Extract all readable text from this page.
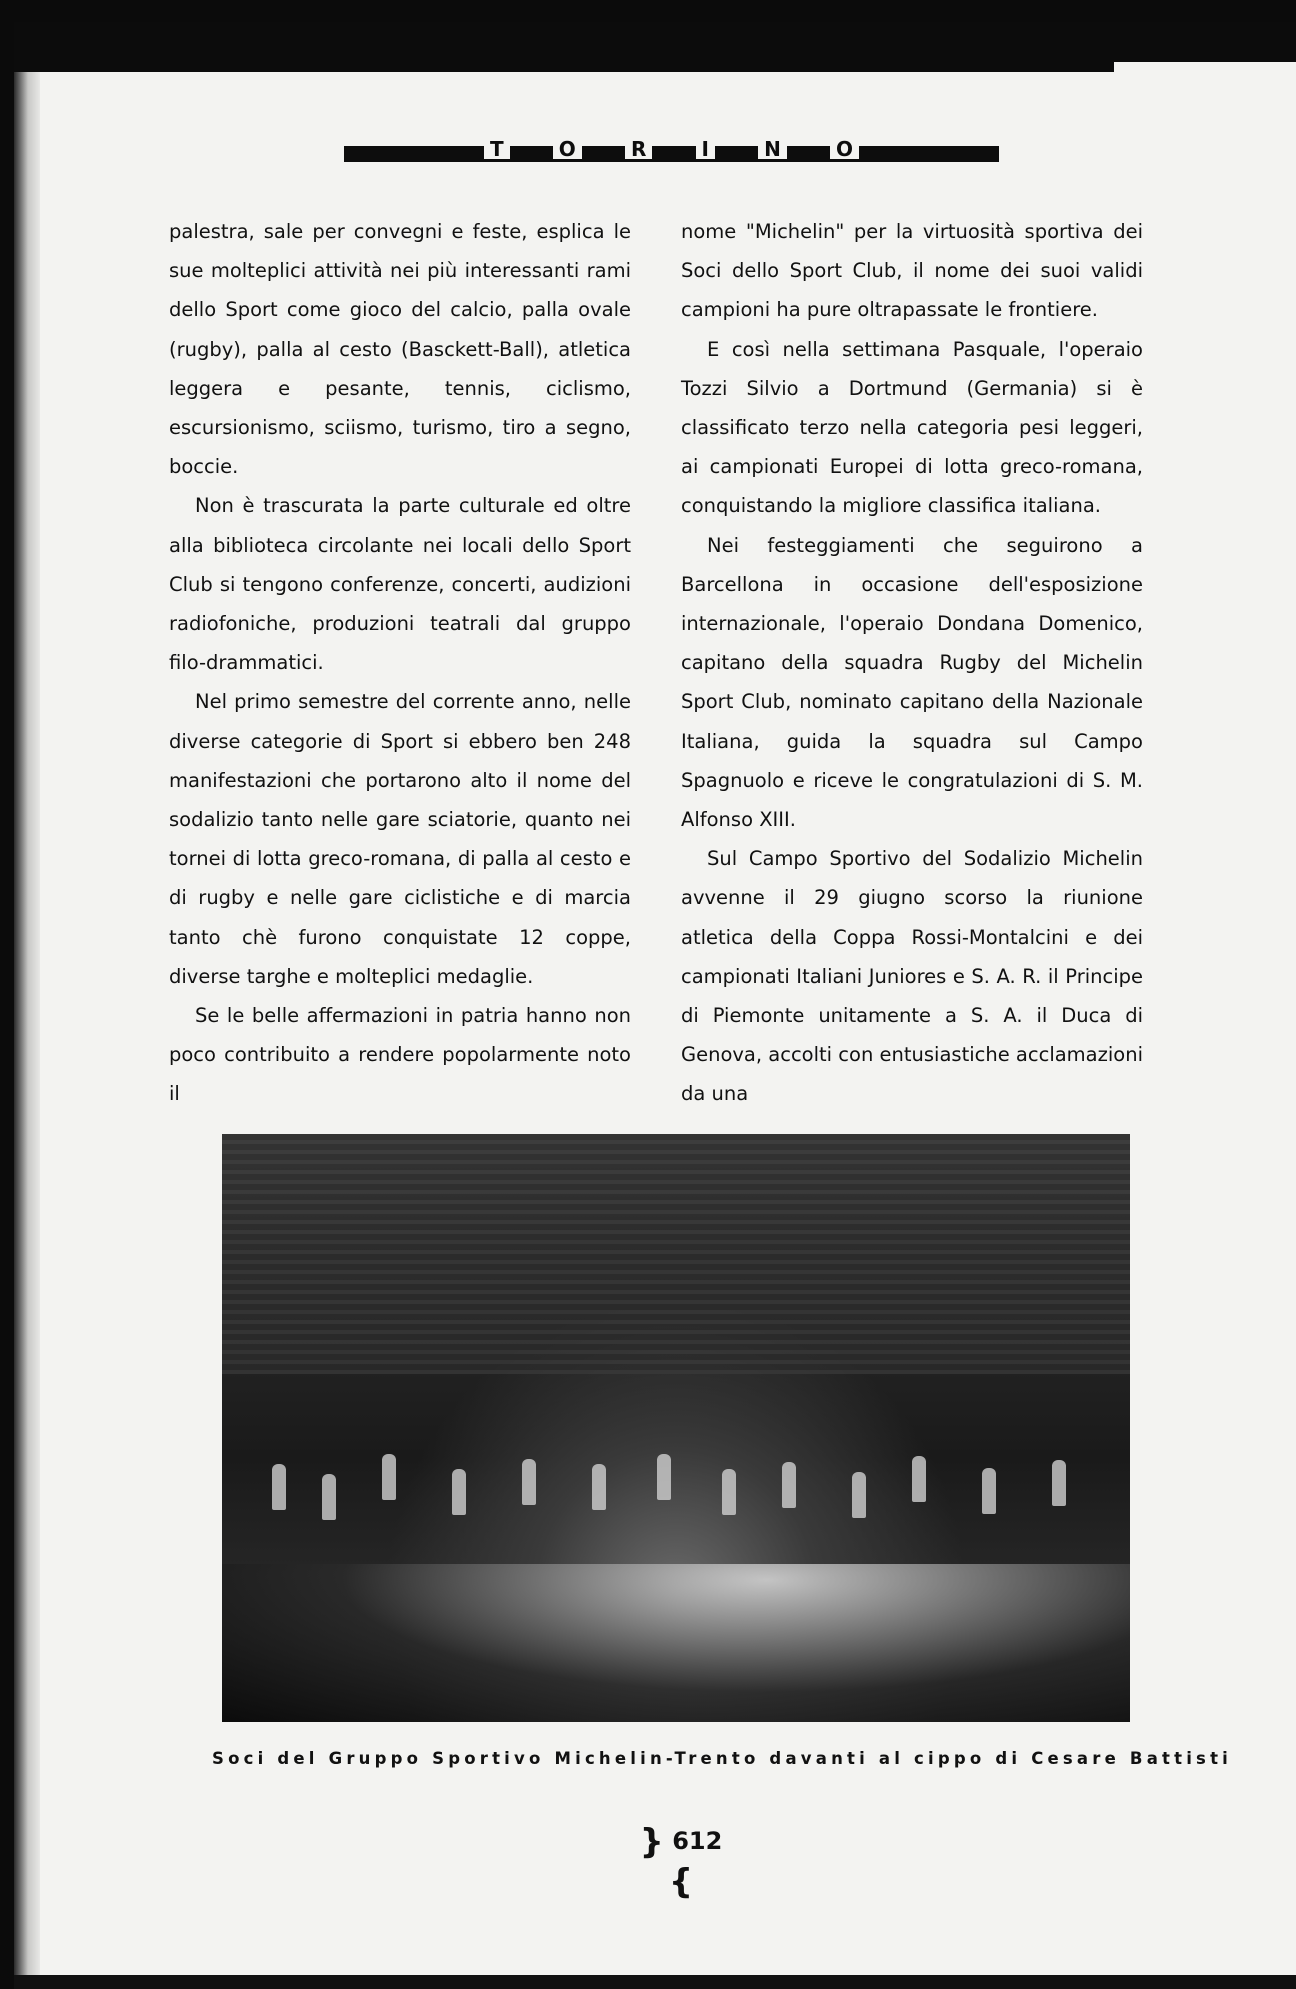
T	O	R	I	N	O

palestra, sale per convegni e feste, esplica le sue molteplici attività nei più interessanti rami dello Sport come gioco del calcio, palla ovale (rugby), palla al cesto (Basckett-Ball), atletica leggera e pesante, tennis, ciclismo, escursionismo, sciismo, turismo, tiro a segno, boccie.

Non è trascurata la parte culturale ed oltre alla biblioteca circolante nei locali dello Sport Club si tengono conferenze, concerti, audizioni radiofoniche, produzioni teatrali dal gruppo filo-drammatici.

Nel primo semestre del corrente anno, nelle diverse categorie di Sport si ebbero ben 248 manifestazioni che portarono alto il nome del sodalizio tanto nelle gare sciatorie, quanto nei tornei di lotta greco-romana, di palla al cesto e di rugby e nelle gare ciclistiche e di marcia tanto chè furono conquistate 12 coppe, diverse targhe e molteplici medaglie.

Se le belle affermazioni in patria hanno non poco contribuito a rendere popolarmente noto il

nome "Michelin" per la virtuosità sportiva dei Soci dello Sport Club, il nome dei suoi validi campioni ha pure oltrapassate le frontiere.

E così nella settimana Pasquale, l'operaio Tozzi Silvio a Dortmund (Germania) si è classificato terzo nella categoria pesi leggeri, ai campionati Europei di lotta greco-romana, conquistando la migliore classifica italiana.

Nei festeggiamenti che seguirono a Barcellona in occasione dell'esposizione internazionale, l'operaio Dondana Domenico, capitano della squadra Rugby del Michelin Sport Club, nominato capitano della Nazionale Italiana, guida la squadra sul Campo Spagnuolo e riceve le congratulazioni di S. M. Alfonso XIII.

Sul Campo Sportivo del Sodalizio Michelin avvenne il 29 giugno scorso la riunione atletica della Coppa Rossi-Montalcini e dei campionati Italiani Juniores e S. A. R. il Principe di Piemonte unitamente a S. A. il Duca di Genova, accolti con entusiastiche acclamazioni da una

Soci del Gruppo Sportivo Michelin-Trento davanti al cippo di Cesare Battisti
} 612 {
